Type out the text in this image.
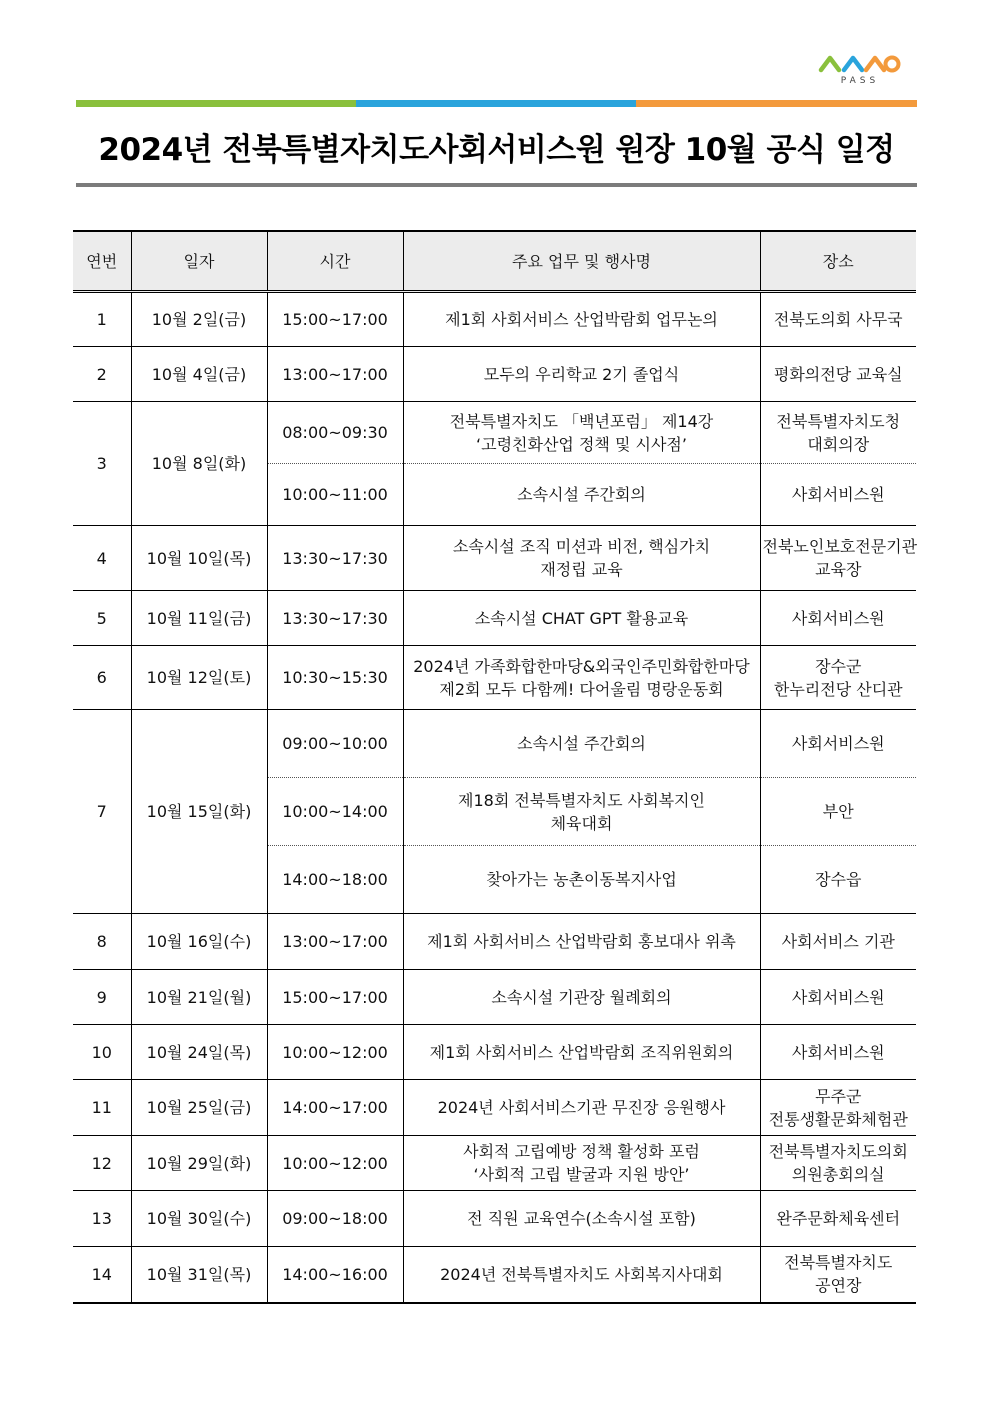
PASS
2024년 전북특별자치도사회서비스원 원장 10월 공식 일정
연번	일자	시간	주요 업무 및 행사명	장소
1	10월 2일(금)	15:00~17:00	제1회 사회서비스 산업박람회 업무논의	전북도의회 사무국

2	10월 4일(금)	13:00~17:00	모두의 우리학교 2기 졸업식	평화의전당 교육실

3	10월 8일(화)	08:00~09:30	전북특별자치도 「백년포럼」 제14강
‘고령친화산업 정책 및 시사점’	전북특별자치도청
대회의장

		10:00~11:00	소속시설 주간회의	사회서비스원

4	10월 10일(목)	13:30~17:30	소속시설 조직 미션과 비전, 핵심가치
재정립 교육	전북노인보호전문기관
교육장

5	10월 11일(금)	13:30~17:30	소속시설 CHAT GPT 활용교육	사회서비스원

6	10월 12일(토)	10:30~15:30	2024년 가족화합한마당&외국인주민화합한마당
제2회 모두 다함께! 다어울림 명랑운동회	장수군
한누리전당 산디관

7	10월 15일(화)	09:00~10:00	소속시설 주간회의	사회서비스원

		10:00~14:00	제18회 전북특별자치도 사회복지인
체육대회	부안

		14:00~18:00	찾아가는 농촌이동복지사업	장수읍

8	10월 16일(수)	13:00~17:00	제1회 사회서비스 산업박람회 홍보대사 위촉	사회서비스 기관

9	10월 21일(월)	15:00~17:00	소속시설 기관장 월례회의	사회서비스원

10	10월 24일(목)	10:00~12:00	제1회 사회서비스 산업박람회 조직위원회의	사회서비스원

11	10월 25일(금)	14:00~17:00	2024년 사회서비스기관 무진장 응원행사	무주군
전통생활문화체험관

12	10월 29일(화)	10:00~12:00	사회적 고립예방 정책 활성화 포럼
‘사회적 고립 발굴과 지원 방안’	전북특별자치도의회
의원총회의실

13	10월 30일(수)	09:00~18:00	전 직원 교육연수(소속시설 포함)	완주문화체육센터

14	10월 31일(목)	14:00~16:00	2024년 전북특별자치도 사회복지사대회	전북특별자치도
공연장
